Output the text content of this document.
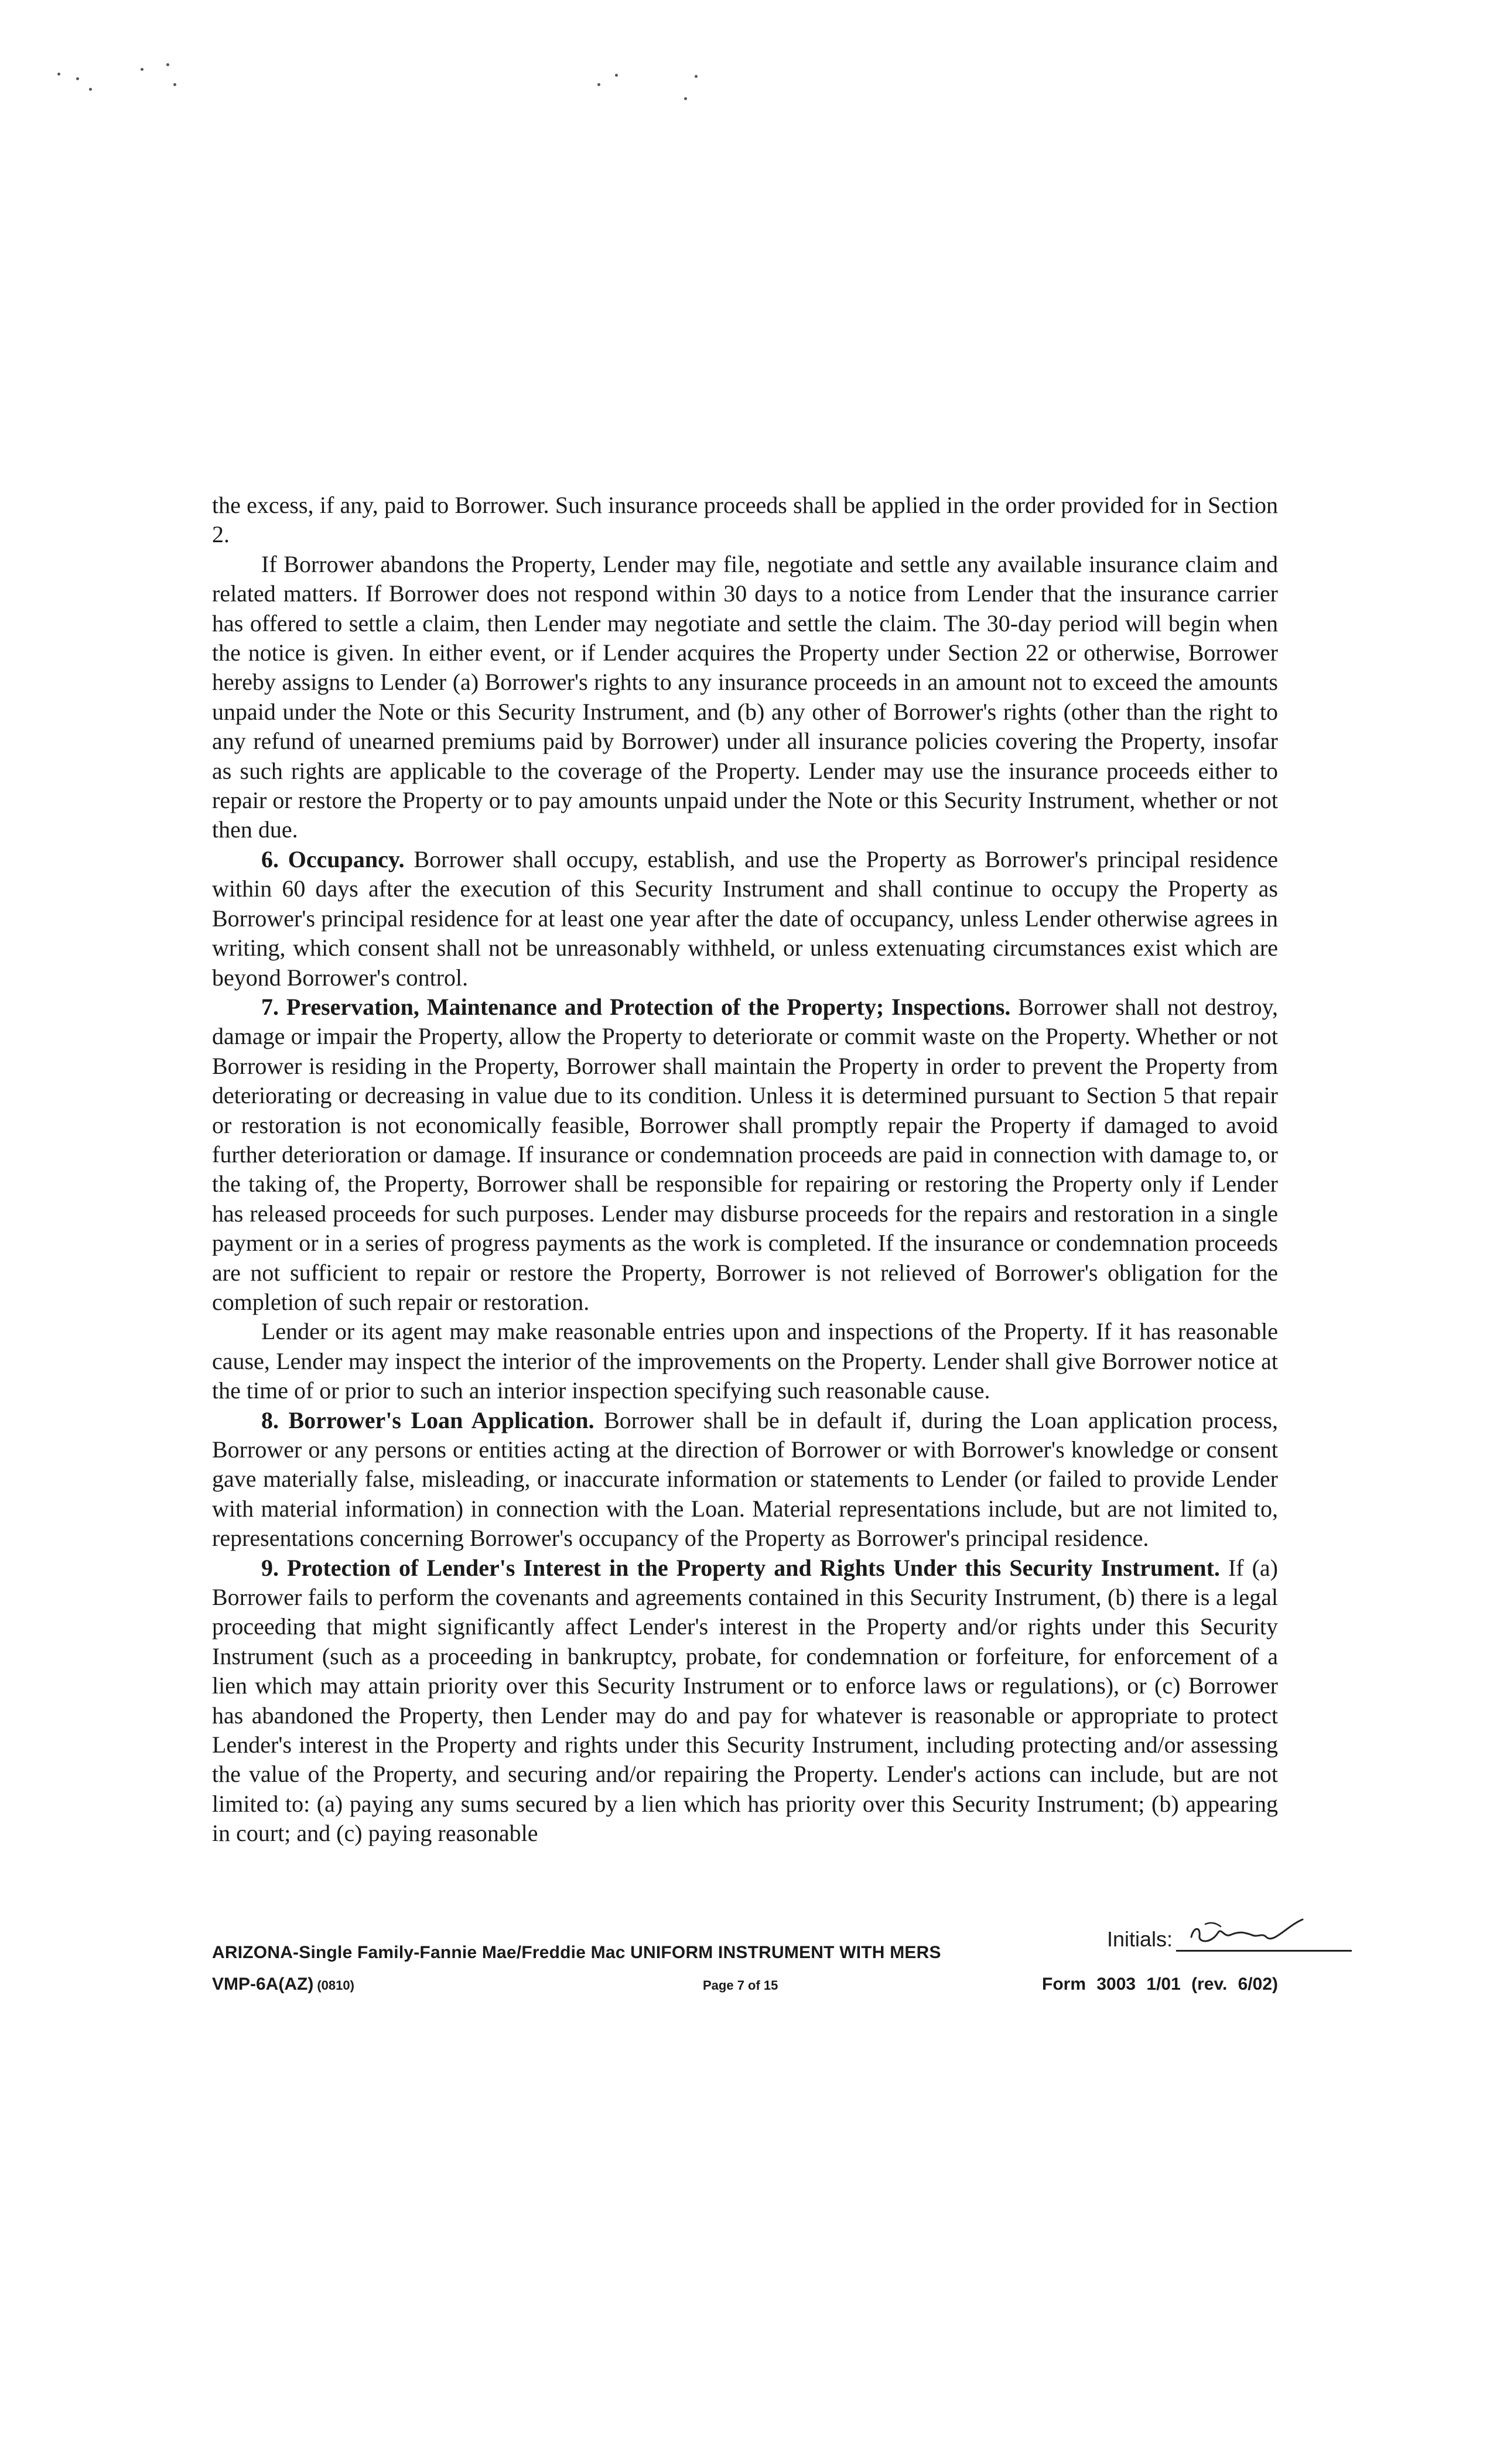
the excess, if any, paid to Borrower. Such insurance proceeds shall be applied in the order provided for in Section 2.

If Borrower abandons the Property, Lender may file, negotiate and settle any available insurance claim and related matters. If Borrower does not respond within 30 days to a notice from Lender that the insurance carrier has offered to settle a claim, then Lender may negotiate and settle the claim. The 30-day period will begin when the notice is given. In either event, or if Lender acquires the Property under Section 22 or otherwise, Borrower hereby assigns to Lender (a) Borrower's rights to any insurance proceeds in an amount not to exceed the amounts unpaid under the Note or this Security Instrument, and (b) any other of Borrower's rights (other than the right to any refund of unearned premiums paid by Borrower) under all insurance policies covering the Property, insofar as such rights are applicable to the coverage of the Property. Lender may use the insurance proceeds either to repair or restore the Property or to pay amounts unpaid under the Note or this Security Instrument, whether or not then due.

6. Occupancy. Borrower shall occupy, establish, and use the Property as Borrower's principal residence within 60 days after the execution of this Security Instrument and shall continue to occupy the Property as Borrower's principal residence for at least one year after the date of occupancy, unless Lender otherwise agrees in writing, which consent shall not be unreasonably withheld, or unless extenuating circumstances exist which are beyond Borrower's control.

7. Preservation, Maintenance and Protection of the Property; Inspections. Borrower shall not destroy, damage or impair the Property, allow the Property to deteriorate or commit waste on the Property. Whether or not Borrower is residing in the Property, Borrower shall maintain the Property in order to prevent the Property from deteriorating or decreasing in value due to its condition. Unless it is determined pursuant to Section 5 that repair or restoration is not economically feasible, Borrower shall promptly repair the Property if damaged to avoid further deterioration or damage. If insurance or condemnation proceeds are paid in connection with damage to, or the taking of, the Property, Borrower shall be responsible for repairing or restoring the Property only if Lender has released proceeds for such purposes. Lender may disburse proceeds for the repairs and restoration in a single payment or in a series of progress payments as the work is completed. If the insurance or condemnation proceeds are not sufficient to repair or restore the Property, Borrower is not relieved of Borrower's obligation for the completion of such repair or restoration.

Lender or its agent may make reasonable entries upon and inspections of the Property. If it has reasonable cause, Lender may inspect the interior of the improvements on the Property. Lender shall give Borrower notice at the time of or prior to such an interior inspection specifying such reasonable cause.

8. Borrower's Loan Application. Borrower shall be in default if, during the Loan application process, Borrower or any persons or entities acting at the direction of Borrower or with Borrower's knowledge or consent gave materially false, misleading, or inaccurate information or statements to Lender (or failed to provide Lender with material information) in connection with the Loan. Material representations include, but are not limited to, representations concerning Borrower's occupancy of the Property as Borrower's principal residence.

9. Protection of Lender's Interest in the Property and Rights Under this Security Instrument. If (a) Borrower fails to perform the covenants and agreements contained in this Security Instrument, (b) there is a legal proceeding that might significantly affect Lender's interest in the Property and/or rights under this Security Instrument (such as a proceeding in bankruptcy, probate, for condemnation or forfeiture, for enforcement of a lien which may attain priority over this Security Instrument or to enforce laws or regulations), or (c) Borrower has abandoned the Property, then Lender may do and pay for whatever is reasonable or appropriate to protect Lender's interest in the Property and rights under this Security Instrument, including protecting and/or assessing the value of the Property, and securing and/or repairing the Property. Lender's actions can include, but are not limited to: (a) paying any sums secured by a lien which has priority over this Security Instrument; (b) appearing in court; and (c) paying reasonable

Initials:
ARIZONA-Single Family-Fannie Mae/Freddie Mac UNIFORM INSTRUMENT WITH MERS
VMP-6A(AZ) (0810)	Page 7 of 15	Form 3003 1/01 (rev. 6/02)
